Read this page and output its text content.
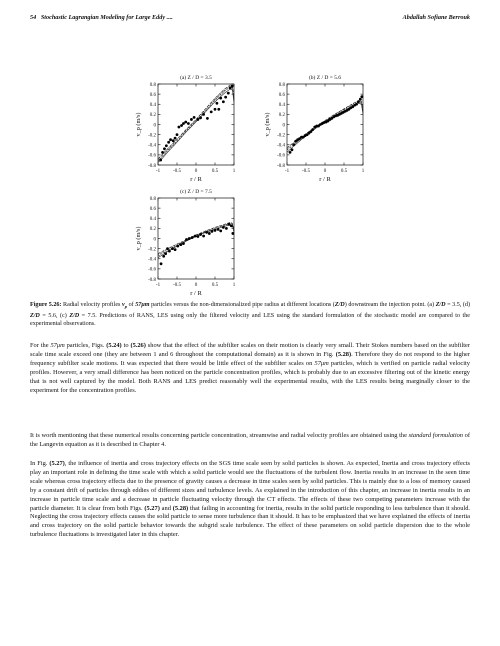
54 Stochastic Lagrangian Modeling for Large Eddy ....	Abdallah Sofiane Berrouk
(a) Z / D = 3.5
-0.8
-0.6
-0.4
-0.2
0
0.2
0.4
0.6
0.8
-1	-0.5	0	0.5	1
r / R
v_p (m/s)
(b) Z / D = 5.6
-0.8
-0.6
-0.4
-0.2
0
0.2
0.4
0.6
0.8
-1	-0.5	0	0.5	1
r / R
v_p (m/s)
(c) Z / D = 7.5
-0.8
-0.6
-0.4
-0.2
0
0.2
0.4
0.6
0.8
-1	-0.5	0	0.5	1
r / R
v_p (m/s)
Figure 5.26: Radial velocity profiles $v_p$ of 57μm particles versus the non-dimensionalized pipe radius at different locations (Z/D) downstream the injection point. (a) Z/D = 3.5, (d) Z/D = 5.6, (c) Z/D = 7.5. Predictions of RANS, LES using only the filtered velocity and LES using the standard formulation of the stochastic model are compared to the experimental observations.

For the 57μm particles, Figs. (5.24) to (5.26) show that the effect of the subfilter scales on their motion is clearly very small. Their Stokes numbers based on the subfilter scale time scale exceed one (they are between 1 and 6 throughout the computational domain) as it is shown in Fig. (5.28). Therefore they do not respond to the higher frequency subfilter scale motions. It was expected that there would be little effect of the subfilter scales on 57μm particles, which is verified on particle radial velocity profiles. However, a very small difference has been noticed on the particle concentration profiles, which is probably due to an excessive filtering out of the kinetic energy that is not well captured by the model. Both RANS and LES predict reasonably well the experimental results, with the LES results being marginally closer to the experiment for the concentration profiles.

It is worth mentioning that these numerical results concerning particle concentration, streamwise and radial velocity profiles are obtained using the standard formulation of the Langevin equation as it is described in Chapter 4.

In Fig. (5.27), the influence of inertia and cross trajectory effects on the SGS time scale seen by solid particles is shown. As expected, Inertia and cross trajectory effects play an important role in defining the time scale with which a solid particle would see the fluctuations of the turbulent flow. Inertia results in an increase in the seen time scale whereas cross trajectory effects due to the presence of gravity causes a decrease in time scales seen by solid particles. This is mainly due to a loss of memory caused by a constant drift of particles through eddies of different sizes and turbulence levels. As explained in the introduction of this chapter, an increase in inertia results in an increase in particle time scale and a decrease in particle fluctuating velocity through the CT effects. The effects of these two competing parameters increase with the particle diameter. It is clear from both Figs. (5.27) and (5.28) that failing in accounting for inertia, results in the solid particle responding to less turbulence than it should. Neglecting the cross trajectory effects causes the solid particle to sense more turbulence than it should. It has to be emphasized that we have explained the effects of inertia and cross trajectory on the solid particle behavior towards the subgrid scale turbulence. The effect of these parameters on solid particle dispersion due to the whole turbulence fluctuations is investigated later in this chapter.
